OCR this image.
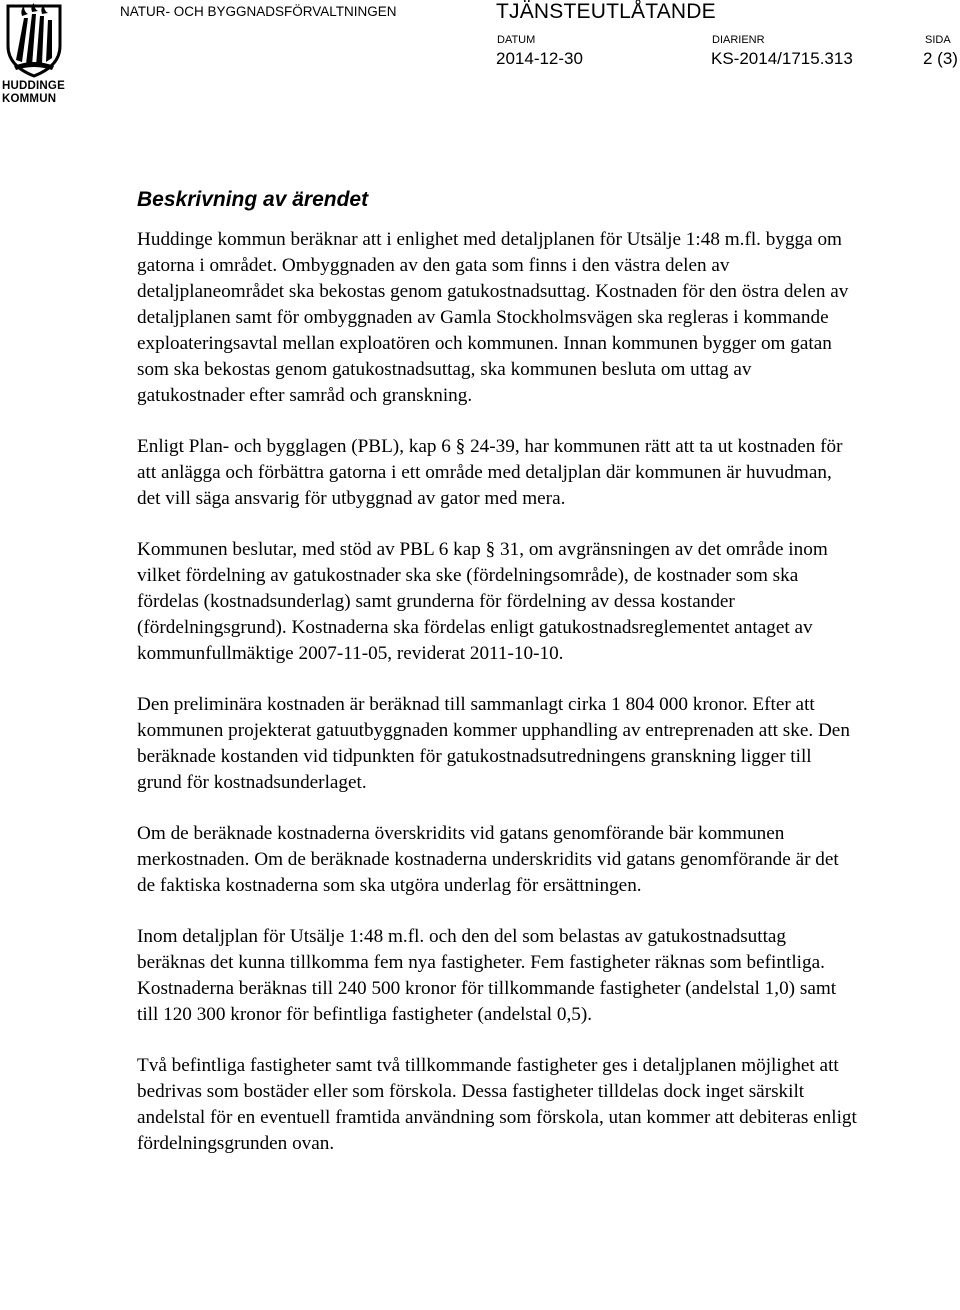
HUDDINGE
KOMMUN
NATUR- OCH BYGGNADSFÖRVALTNINGEN	TJÄNSTEUTLÅTANDE
DATUM
2014-12-30
DIARIENR
KS-2014/1715.313
SIDA
2 (3)
Beskrivning av ärendet

Huddinge kommun beräknar att i enlighet med detaljplanen för Utsälje 1:48 m.fl. bygga om gatorna i området. Ombyggnaden av den gata som finns i den västra delen av detaljplaneområdet ska bekostas genom gatukostnadsuttag. Kostnaden för den östra delen av detaljplanen samt för ombyggnaden av Gamla Stockholmsvägen ska regleras i kommande exploateringsavtal mellan exploatören och kommunen. Innan kommunen bygger om gatan som ska bekostas genom gatukostnadsuttag, ska kommunen besluta om uttag av gatukostnader efter samråd och granskning.

Enligt Plan- och bygglagen (PBL), kap 6 § 24-39, har kommunen rätt att ta ut kostnaden för att anlägga och förbättra gatorna i ett område med detaljplan där kommunen är huvudman, det vill säga ansvarig för utbyggnad av gator med mera.

Kommunen beslutar, med stöd av PBL 6 kap § 31, om avgränsningen av det område inom vilket fördelning av gatukostnader ska ske (fördelningsområde), de kostnader som ska fördelas (kostnadsunderlag) samt grunderna för fördelning av dessa kostander (fördelningsgrund). Kostnaderna ska fördelas enligt gatukostnadsreglementet antaget av kommunfullmäktige 2007-11-05, reviderat 2011-10-10.

Den preliminära kostnaden är beräknad till sammanlagt cirka 1 804 000 kronor. Efter att kommunen projekterat gatuutbyggnaden kommer upphandling av entreprenaden att ske. Den beräknade kostanden vid tidpunkten för gatukostnadsutredningens granskning ligger till grund för kostnadsunderlaget.

Om de beräknade kostnaderna överskridits vid gatans genomförande bär kommunen merkostnaden. Om de beräknade kostnaderna underskridits vid gatans genomförande är det de faktiska kostnaderna som ska utgöra underlag för ersättningen.

Inom detaljplan för Utsälje 1:48 m.fl. och den del som belastas av gatukostnadsuttag beräknas det kunna tillkomma fem nya fastigheter. Fem fastigheter räknas som befintliga. Kostnaderna beräknas till 240 500 kronor för tillkommande fastigheter (andelstal 1,0) samt till 120 300 kronor för befintliga fastigheter (andelstal 0,5).

Två befintliga fastigheter samt två tillkommande fastigheter ges i detaljplanen möjlighet att bedrivas som bostäder eller som förskola. Dessa fastigheter tilldelas dock inget särskilt andelstal för en eventuell framtida användning som förskola, utan kommer att debiteras enligt fördelningsgrunden ovan.
